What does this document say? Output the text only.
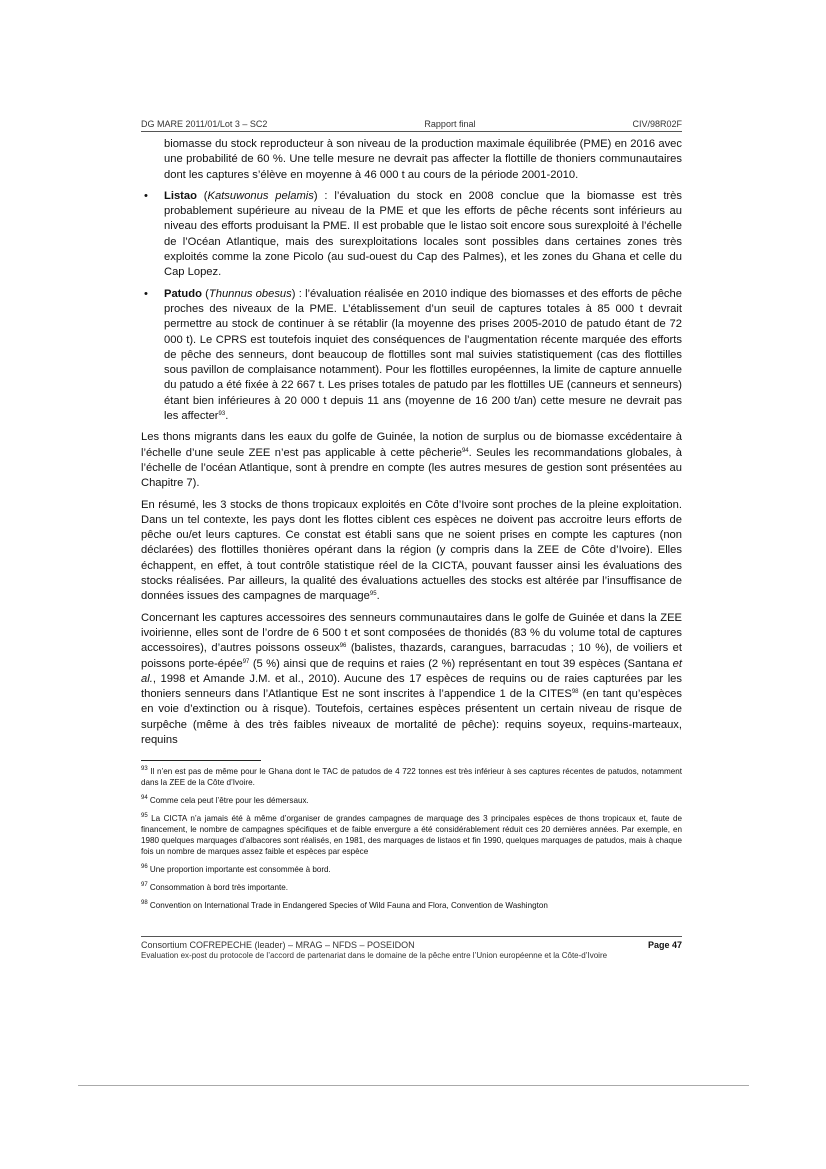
DG MARE 2011/01/Lot 3 – SC2	Rapport final	CIV/98R02F

biomasse du stock reproducteur à son niveau de la production maximale équilibrée (PME) en 2016 avec une probabilité de 60 %. Une telle mesure ne devrait pas affecter la flottille de thoniers communautaires dont les captures s’élève en moyenne à 46 000 t au cours de la période 2001-2010.

• Listao (Katsuwonus pelamis) : l’évaluation du stock en 2008 conclue que la biomasse est très probablement supérieure au niveau de la PME et que les efforts de pêche récents sont inférieurs au niveau des efforts produisant la PME. Il est probable que le listao soit encore sous surexploité à l’échelle de l’Océan Atlantique, mais des surexploitations locales sont possibles dans certaines zones très exploités comme la zone Picolo (au sud-ouest du Cap des Palmes), et les zones du Ghana et celle du Cap Lopez.
• Patudo (Thunnus obesus) : l’évaluation réalisée en 2010 indique des biomasses et des efforts de pêche proches des niveaux de la PME. L’établissement d’un seuil de captures totales à 85 000 t devrait permettre au stock de continuer à se rétablir (la moyenne des prises 2005-2010 de patudo étant de 72 000 t). Le CPRS est toutefois inquiet des conséquences de l’augmentation récente marquée des efforts de pêche des senneurs, dont beaucoup de flottilles sont mal suivies statistiquement (cas des flottilles sous pavillon de complaisance notamment). Pour les flottilles européennes, la limite de capture annuelle du patudo a été fixée à 22 667 t. Les prises totales de patudo par les flottilles UE (canneurs et senneurs) étant bien inférieures à 20 000 t depuis 11 ans (moyenne de 16 200 t/an) cette mesure ne devrait pas les affecter$^{93}$.

Les thons migrants dans les eaux du golfe de Guinée, la notion de surplus ou de biomasse excédentaire à l’échelle d’une seule ZEE n’est pas applicable à cette pêcherie$^{94}$. Seules les recommandations globales, à l’échelle de l’océan Atlantique, sont à prendre en compte (les autres mesures de gestion sont présentées au Chapitre 7).

En résumé, les 3 stocks de thons tropicaux exploités en Côte d’Ivoire sont proches de la pleine exploitation. Dans un tel contexte, les pays dont les flottes ciblent ces espèces ne doivent pas accroitre leurs efforts de pêche ou/et leurs captures. Ce constat est établi sans que ne soient prises en compte les captures (non déclarées) des flottilles thonières opérant dans la région (y compris dans la ZEE de Côte d’Ivoire). Elles échappent, en effet, à tout contrôle statistique réel de la CICTA, pouvant fausser ainsi les évaluations des stocks réalisées. Par ailleurs, la qualité des évaluations actuelles des stocks est altérée par l’insuffisance de données issues des campagnes de marquage$^{95}$.

Concernant les captures accessoires des senneurs communautaires dans le golfe de Guinée et dans la ZEE ivoirienne, elles sont de l’ordre de 6 500 t et sont composées de thonidés (83 % du volume total de captures accessoires), d’autres poissons osseux$^{96}$ (balistes, thazards, carangues, barracudas ; 10 %), de voiliers et poissons porte-épée$^{97}$ (5 %) ainsi que de requins et raies (2 %) représentant en tout 39 espèces (Santana et al., 1998 et Amande J.M. et al., 2010). Aucune des 17 espèces de requins ou de raies capturées par les thoniers senneurs dans l’Atlantique Est ne sont inscrites à l’appendice 1 de la CITES$^{98}$ (en tant qu’espèces en voie d’extinction ou à risque). Toutefois, certaines espèces présentent un certain niveau de risque de surpêche (même à des très faibles niveaux de mortalité de pêche): requins soyeux, requins-marteaux, requins

$^{93}$ Il n’en est pas de même pour le Ghana dont le TAC de patudos de 4 722 tonnes est très inférieur à ses captures récentes de patudos, notamment dans la ZEE de la Côte d’Ivoire.

$^{94}$ Comme cela peut l’être pour les démersaux.

$^{95}$ La CICTA n’a jamais été à même d’organiser de grandes campagnes de marquage des 3 principales espèces de thons tropicaux et, faute de financement, le nombre de campagnes spécifiques et de faible envergure a été considérablement réduit ces 20 dernières années. Par exemple, en 1980 quelques marquages d’albacores sont réalisés, en 1981, des marquages de listaos et fin 1990, quelques marquages de patudos, mais à chaque fois un nombre de marques assez faible et espèces par espèce

$^{96}$ Une proportion importante est consommée à bord.

$^{97}$ Consommation à bord très importante.

$^{98}$ Convention on International Trade in Endangered Species of Wild Fauna and Flora, Convention de Washington

Consortium COFREPECHE (leader) – MRAG – NFDS – POSEIDON	Page 47
Evaluation ex-post du protocole de l’accord de partenariat dans le domaine de la pêche entre l’Union européenne et la Côte-d’Ivoire
